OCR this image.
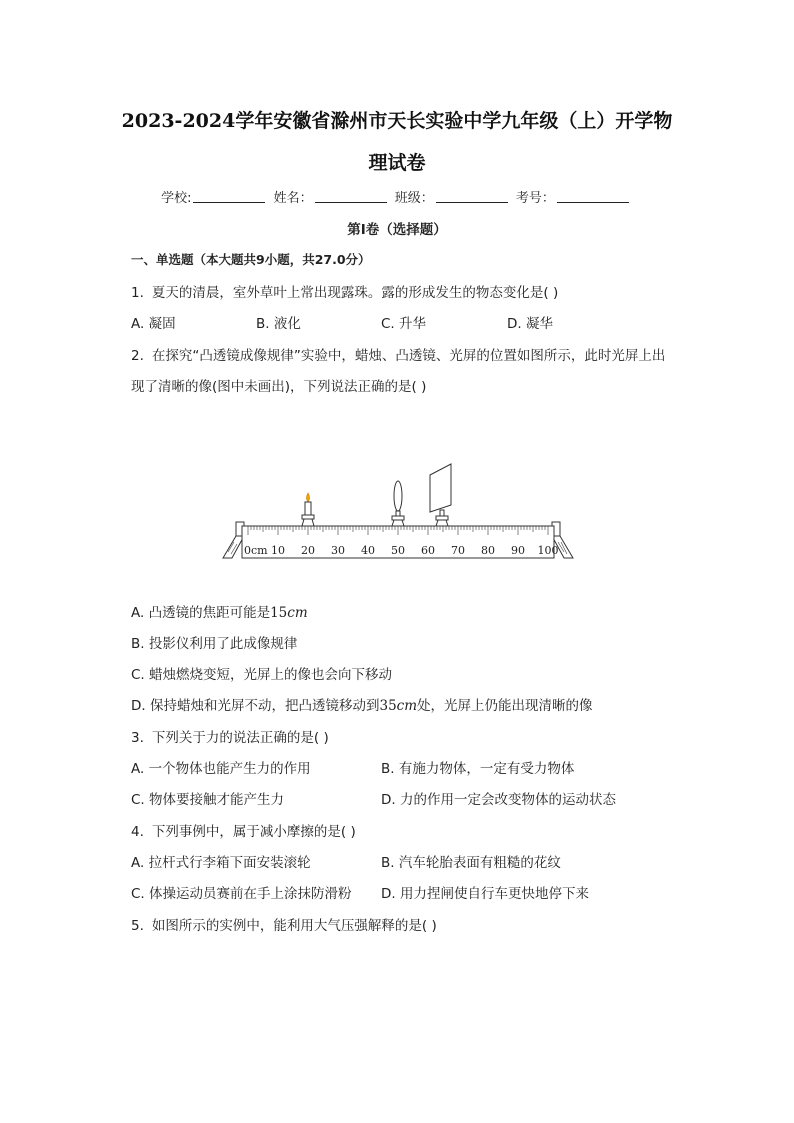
2023-2024学年安徽省滁州市天长实验中学九年级（上）开学物
理试卷
学校:	姓名：	班级：	考号：
第I卷（选择题）
一、单选题（本大题共9小题，共27.0分）
1. 夏天的清晨，室外草叶上常出现露珠。露的形成发生的物态变化是( )
A. 凝固	B. 液化	C. 升华	D. 凝华
2. 在探究“凸透镜成像规律”实验中，蜡烛、凸透镜、光屏的位置如图所示，此时光屏上出
现了清晰的像(图中未画出)，下列说法正确的是( )
0cm 10 20 30 40 50 60 70 80 90 100
A. 凸透镜的焦距可能是15cm
B. 投影仪利用了此成像规律
C. 蜡烛燃烧变短，光屏上的像也会向下移动
D. 保持蜡烛和光屏不动，把凸透镜移动到35cm处，光屏上仍能出现清晰的像
3. 下列关于力的说法正确的是( )
A. 一个物体也能产生力的作用	B. 有施力物体，一定有受力物体
C. 物体要接触才能产生力	D. 力的作用一定会改变物体的运动状态
4. 下列事例中，属于减小摩擦的是( )
A. 拉杆式行李箱下面安装滚轮	B. 汽车轮胎表面有粗糙的花纹
C. 体操运动员赛前在手上涂抹防滑粉 D. 用力捏闸使自行车更快地停下来
5. 如图所示的实例中，能利用大气压强解释的是( )
